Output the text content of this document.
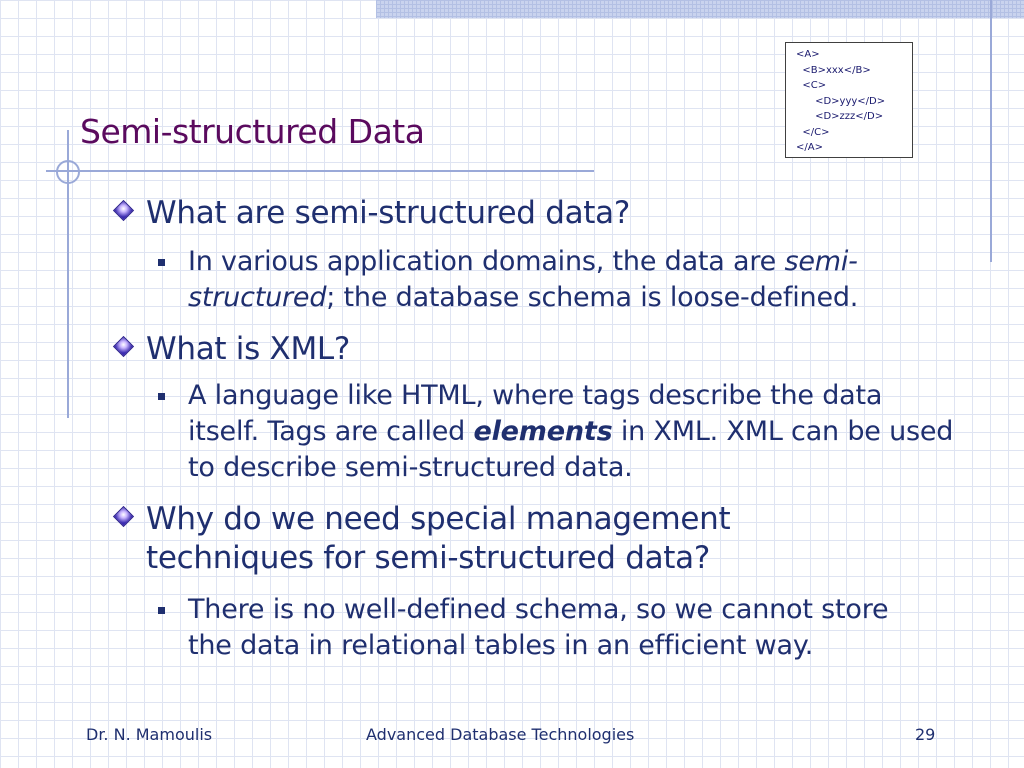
Semi-structured Data
<A>
<B>xxx</B>
<C>
<D>yyy</D>
<D>zzz</D>
</C>
</A>
What are semi-structured data?
In various application domains, the data are semi-structured; the database schema is loose-defined.
What is XML?
A language like HTML, where tags describe the data itself. Tags are called elements in XML. XML can be used to describe semi-structured data.
Why do we need special management techniques for semi-structured data?
There is no well-defined schema, so we cannot store the data in relational tables in an efficient way.
Dr. N. Mamoulis	Advanced Database Technologies	29
